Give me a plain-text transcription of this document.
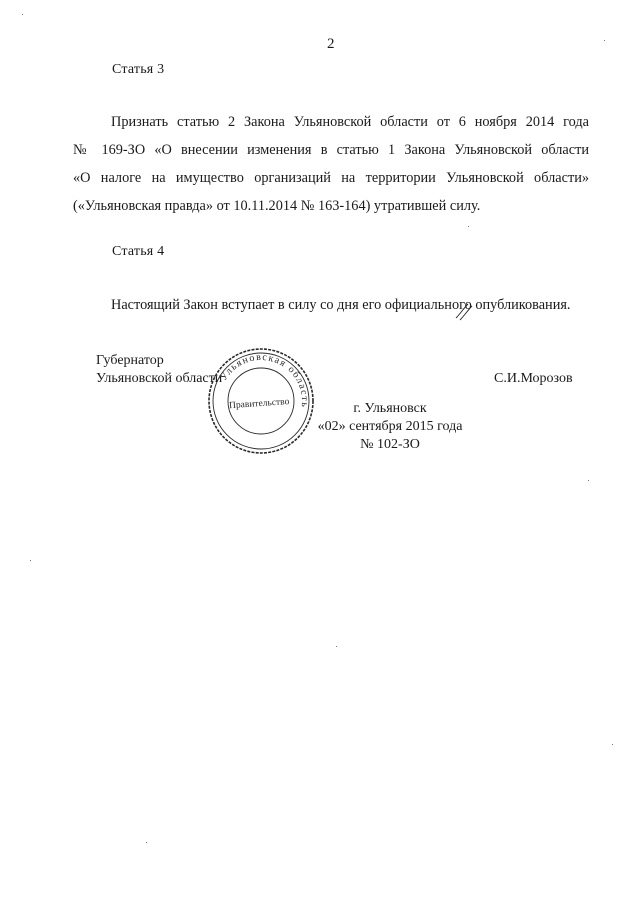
2
Статья 3
Признать статью 2 Закона Ульяновской области от 6 ноября 2014 года
№ 169-ЗО «О внесении изменения в статью 1 Закона Ульяновской области
«О налоге на имущество организаций на территории Ульяновской области»
(«Ульяновская правда» от 10.11.2014 № 163-164) утратившей силу.
Статья 4
Настоящий Закон вступает в силу со дня его официального опубликования.
Губернатор
Ульяновской области	С.И.Морозов
Ульяновская область
Правительство	г. Ульяновск
«02» сентября 2015 года
№ 102-ЗО
